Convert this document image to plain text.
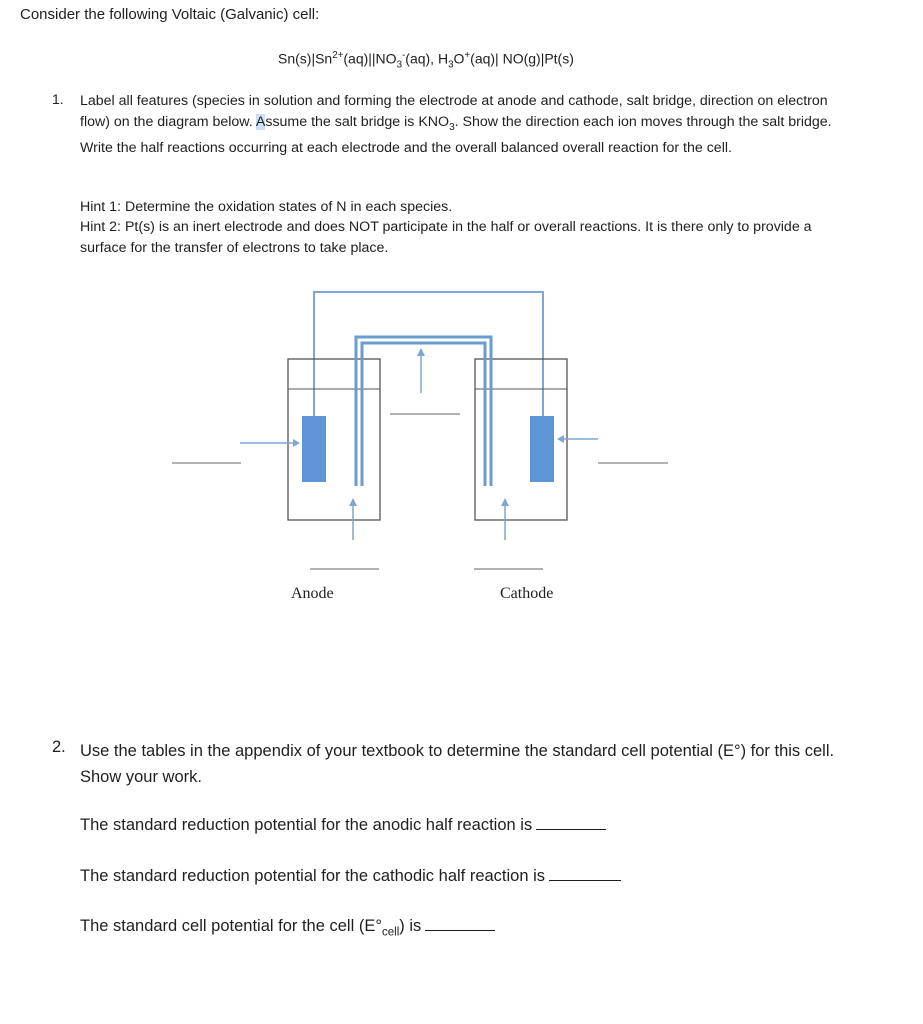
Consider the following Voltaic (Galvanic) cell:
$Sn(s)|Sn^{2+}(aq)||NO_3^-(aq)$, $H_3O^+(aq)|$ NO(g)|Pt(s)
1. Label all features (species in solution and forming the electrode at anode and cathode, salt bridge, direction on electron flow) on the diagram below. Assume the salt bridge is $KNO_3$. Show the direction each ion moves through the salt bridge. Write the half reactions occurring at each electrode and the overall balanced overall reaction for the cell.
Hint 1: Determine the oxidation states of N in each species.
Hint 2: Pt(s) is an inert electrode and does NOT participate in the half or overall reactions. It is there only to provide a surface for the transfer of electrons to take place.
Anode	Cathode
2. Use the tables in the appendix of your textbook to determine the standard cell potential (E°) for this cell. Show your work.
The standard reduction potential for the anodic half reaction is
The standard reduction potential for the cathodic half reaction is
The standard cell potential for the cell $(E^\circ_{cell})$ is
